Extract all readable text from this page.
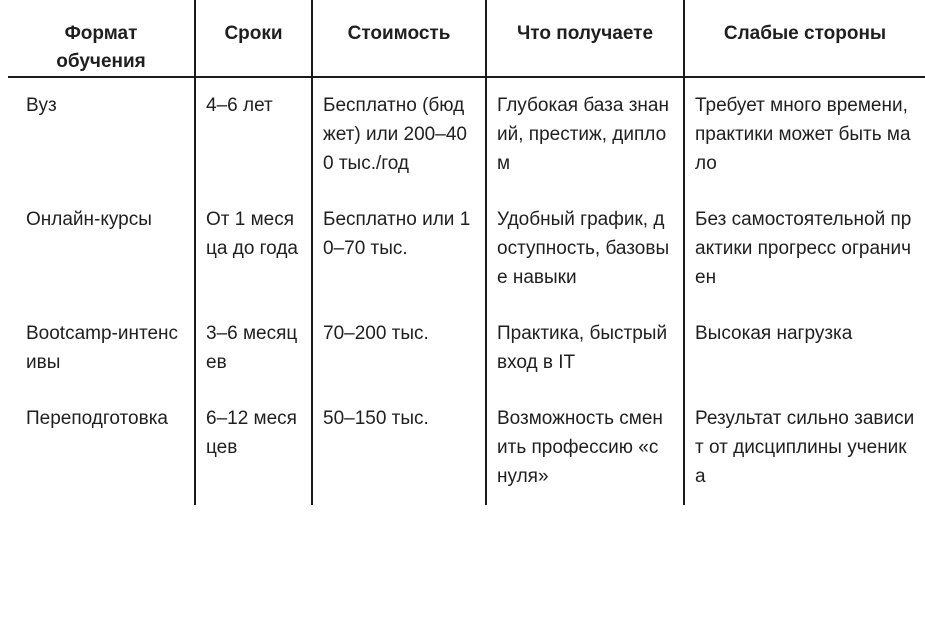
Формат обучения	Сроки	Стоимость	Что получаете	Слабые стороны
Вуз	4–6 лет	Бесплатно (бюджет) или 200–400 тыс./год	Глубокая база знаний, престиж, диплом	Требует много времени, практики может быть мало
Онлайн-курсы	От 1 месяца до года	Бесплатно или 10–70 тыс.	Удобный график, доступность, базовые навыки	Без самостоятельной практики прогресс ограничен
Bootcamp-интенсивы	3–6 месяцев	70–200 тыс.	Практика, быстрый вход в IT	Высокая нагрузка
Переподготовка	6–12 месяцев	50–150 тыс.	Возможность сменить профессию «с нуля»	Результат сильно зависит от дисциплины ученика
